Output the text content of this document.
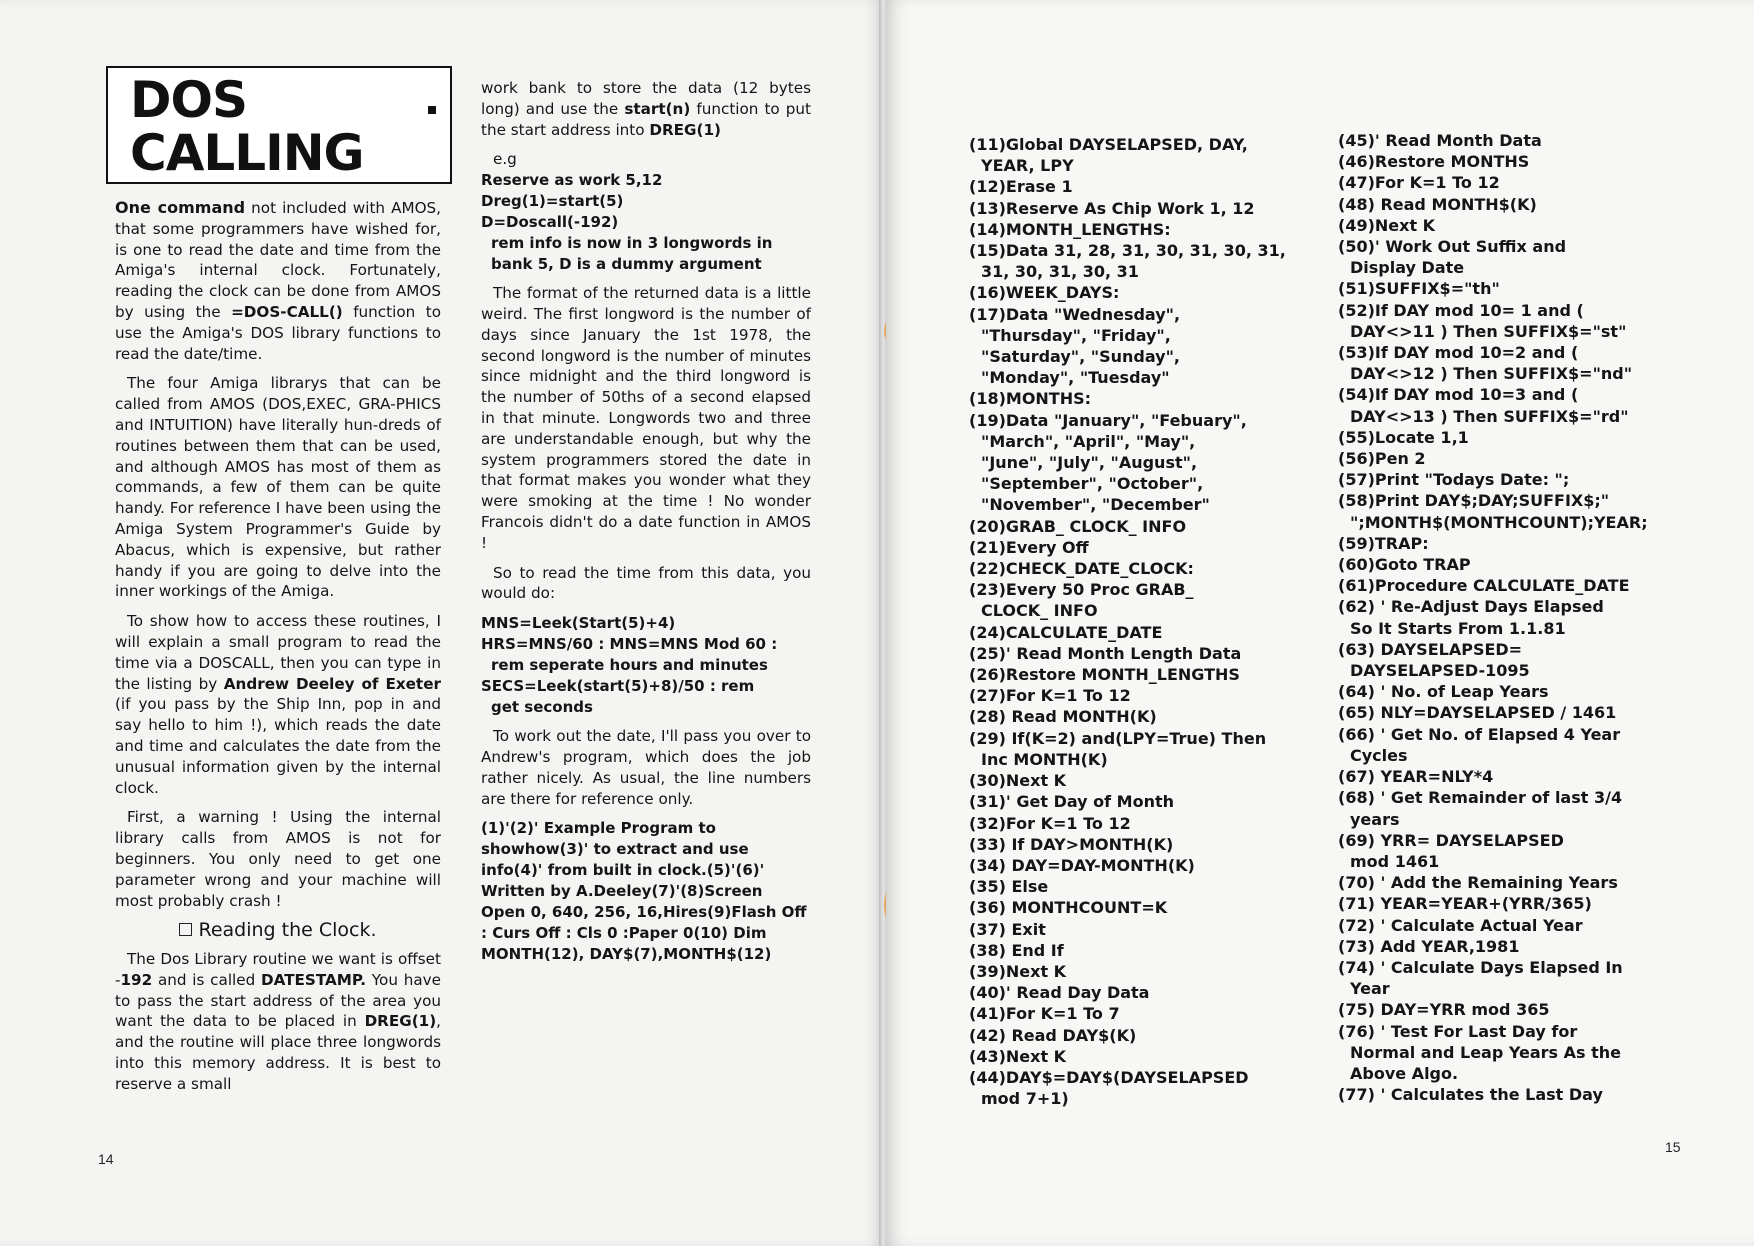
DOS
CALLING

One command not included with AMOS, that some programmers have wished for, is one to read the date and time from the Amiga's internal clock. Fortunately, reading the clock can be done from AMOS by using the =DOS-CALL() function to use the Amiga's DOS library functions to read the date/time.

The four Amiga librarys that can be called from AMOS (DOS,EXEC, GRA-PHICS and INTUITION) have literally hun-dreds of routines between them that can be used, and although AMOS has most of them as commands, a few of them can be quite handy. For reference I have been using the Amiga System Programmer's Guide by Abacus, which is expensive, but rather handy if you are going to delve into the inner workings of the Amiga.

To show how to access these routines, I will explain a small program to read the time via a DOSCALL, then you can type in the listing by Andrew Deeley of Exeter (if you pass by the Ship Inn, pop in and say hello to him !), which reads the date and time and calculates the date from the unusual information given by the internal clock.

First, a warning ! Using the internal library calls from AMOS is not for beginners. You only need to get one parameter wrong and your machine will most probably crash !

Reading the Clock.

The Dos Library routine we want is offset -192 and is called DATESTAMP. You have to pass the start address of the area you want the data to be placed in DREG(1), and the routine will place three longwords into this memory address. It is best to reserve a small

work bank to store the data (12 bytes long) and use the start(n) function to put the start address into DREG(1)

e.g
Reserve as work 5,12
Dreg(1)=start(5)
D=Doscall(-192)
rem info is now in 3 longwords in
bank 5, D is a dummy argument

The format of the returned data is a little weird. The first longword is the number of days since January the 1st 1978, the second longword is the number of minutes since midnight and the third longword is the number of 50ths of a second elapsed in that minute. Longwords two and three are understandable enough, but why the system programmers stored the date in that format makes you wonder what they were smoking at the time ! No wonder Francois didn't do a date function in AMOS !

So to read the time from this data, you would do:

MNS=Leek(Start(5)+4)
HRS=MNS/60 : MNS=MNS Mod 60 :
rem seperate hours and minutes
SECS=Leek(start(5)+8)/50 : rem
get seconds

To work out the date, I'll pass you over to Andrew's program, which does the job rather nicely. As usual, the line numbers are there for reference only.

(1)'(2)' Example Program to showhow(3)' to extract and use info(4)' from built in clock.(5)'(6)' Written by A.Deeley(7)'(8)Screen Open 0, 640, 256, 16,Hires(9)Flash Off : Curs Off : Cls 0 :Paper 0(10) Dim MONTH(12), DAY$(7),MONTH$(12)
14
(11)Global DAYSELAPSED, DAY,
YEAR, LPY
(12)Erase 1
(13)Reserve As Chip Work 1, 12
(14)MONTH_LENGTHS:
(15)Data 31, 28, 31, 30, 31, 30, 31,
31, 30, 31, 30, 31
(16)WEEK_DAYS:
(17)Data "Wednesday",
"Thursday", "Friday",
"Saturday", "Sunday",
"Monday", "Tuesday"
(18)MONTHS:
(19)Data "January", "Febuary",
"March", "April", "May",
"June", "July", "August",
"September", "October",
"November", "December"
(20)GRAB_ CLOCK_ INFO
(21)Every Off
(22)CHECK_DATE_CLOCK:
(23)Every 50 Proc GRAB_
CLOCK_ INFO
(24)CALCULATE_DATE
(25)' Read Month Length Data
(26)Restore MONTH_LENGTHS
(27)For K=1 To 12
(28) Read MONTH(K)
(29) If(K=2) and(LPY=True) Then
Inc MONTH(K)
(30)Next K
(31)' Get Day of Month
(32)For K=1 To 12
(33) If DAY>MONTH(K)
(34) DAY=DAY-MONTH(K)
(35) Else
(36) MONTHCOUNT=K
(37) Exit
(38) End If
(39)Next K
(40)' Read Day Data
(41)For K=1 To 7
(42) Read DAY$(K)
(43)Next K
(44)DAY$=DAY$(DAYSELAPSED
mod 7+1)
(45)' Read Month Data
(46)Restore MONTHS
(47)For K=1 To 12
(48) Read MONTH$(K)
(49)Next K
(50)' Work Out Suffix and
Display Date
(51)SUFFIX$="th"
(52)If DAY mod 10= 1 and (
DAY<>11 ) Then SUFFIX$="st"
(53)If DAY mod 10=2 and (
DAY<>12 ) Then SUFFIX$="nd"
(54)If DAY mod 10=3 and (
DAY<>13 ) Then SUFFIX$="rd"
(55)Locate 1,1
(56)Pen 2
(57)Print "Todays Date: ";
(58)Print DAY$;DAY;SUFFIX$;"
";MONTH$(MONTHCOUNT);YEAR;
(59)TRAP:
(60)Goto TRAP
(61)Procedure CALCULATE_DATE
(62) ' Re-Adjust Days Elapsed
So It Starts From 1.1.81
(63) DAYSELAPSED=
DAYSELAPSED-1095
(64) ' No. of Leap Years
(65) NLY=DAYSELAPSED / 1461
(66) ' Get No. of Elapsed 4 Year
Cycles
(67) YEAR=NLY*4
(68) ' Get Remainder of last 3/4
years
(69) YRR= DAYSELAPSED
mod 1461
(70) ' Add the Remaining Years
(71) YEAR=YEAR+(YRR/365)
(72) ' Calculate Actual Year
(73) Add YEAR,1981
(74) ' Calculate Days Elapsed In
Year
(75) DAY=YRR mod 365
(76) ' Test For Last Day for
Normal and Leap Years As the
Above Algo.
(77) ' Calculates the Last Day
15
